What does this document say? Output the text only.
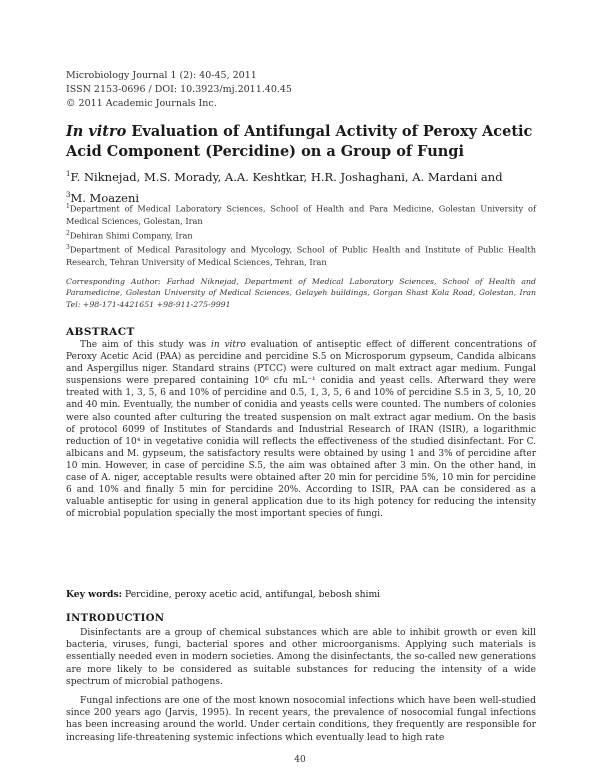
Microbiology Journal 1 (2): 40-45, 2011
ISSN 2153-0696 / DOI: 10.3923/mj.2011.40.45
© 2011 Academic Journals Inc.
In vitro Evaluation of Antifungal Activity of Peroxy Acetic Acid Component (Percidine) on a Group of Fungi
$^1$F. Niknejad, M.S. Morady, A.A. Keshtkar, H.R. Joshaghani, A. Mardani and
$^3$M. Moazeni

$^1$Department of Medical Laboratory Sciences, School of Health and Para Medicine, Golestan University of Medical Sciences, Golestan, Iran

$^2$Dehiran Shimi Company, Iran

$^3$Department of Medical Parasitology and Mycology, School of Public Health and Institute of Public Health Research, Tehran University of Medical Sciences, Tehran, Iran

Corresponding Author: Farhad Niknejad, Department of Medical Laboratory Sciences, School of Health and Paramedicine, Golestan University of Medical Sciences, Gelayeh buildings, Gorgan Shast Kola Road, Golestan, Iran Tel: +98-171-4421651 +98-911-275-9991
ABSTRACT

The aim of this study was in vitro evaluation of antiseptic effect of different concentrations of Peroxy Acetic Acid (PAA) as percidine and percidine S.5 on Microsporum gypseum, Candida albicans and Aspergillus niger. Standard strains (PTCC) were cultured on malt extract agar medium. Fungal suspensions were prepared containing 10⁶ cfu mL⁻¹ conidia and yeast cells. Afterward they were treated with 1, 3, 5, 6 and 10% of percidine and 0.5, 1, 3, 5, 6 and 10% of percidine S.5 in 3, 5, 10, 20 and 40 min. Eventually, the number of conidia and yeasts cells were counted. The numbers of colonies were also counted after culturing the treated suspension on malt extract agar medium. On the basis of protocol 6099 of Institutes of Standards and Industrial Research of IRAN (ISIR), a logarithmic reduction of 10⁴ in vegetative conidia will reflects the effectiveness of the studied disinfectant. For C. albicans and M. gypseum, the satisfactory results were obtained by using 1 and 3% of percidine after 10 min. However, in case of percidine S.5, the aim was obtained after 3 min. On the other hand, in case of A. niger, acceptable results were obtained after 20 min for percidine 5%, 10 min for percidine 6 and 10% and finally 5 min for percidine 20%. According to ISIR, PAA can be considered as a valuable antiseptic for using in general application due to its high potency for reducing the intensity of microbial population specially the most important species of fungi.

Key words: Percidine, peroxy acetic acid, antifungal, bebosh shimi
INTRODUCTION

Disinfectants are a group of chemical substances which are able to inhibit growth or even kill bacteria, viruses, fungi, bacterial spores and other microorganisms. Applying such materials is essentially needed even in modern societies. Among the disinfectants, the so-called new generations are more likely to be considered as suitable substances for reducing the intensity of a wide spectrum of microbial pathogens.

Fungal infections are one of the most known nosocomial infections which have been well-studied since 200 years ago (Jarvis, 1995). In recent years, the prevalence of nosocomial fungal infections has been increasing around the world. Under certain conditions, they frequently are responsible for increasing life-threatening systemic infections which eventually lead to high rate

40
